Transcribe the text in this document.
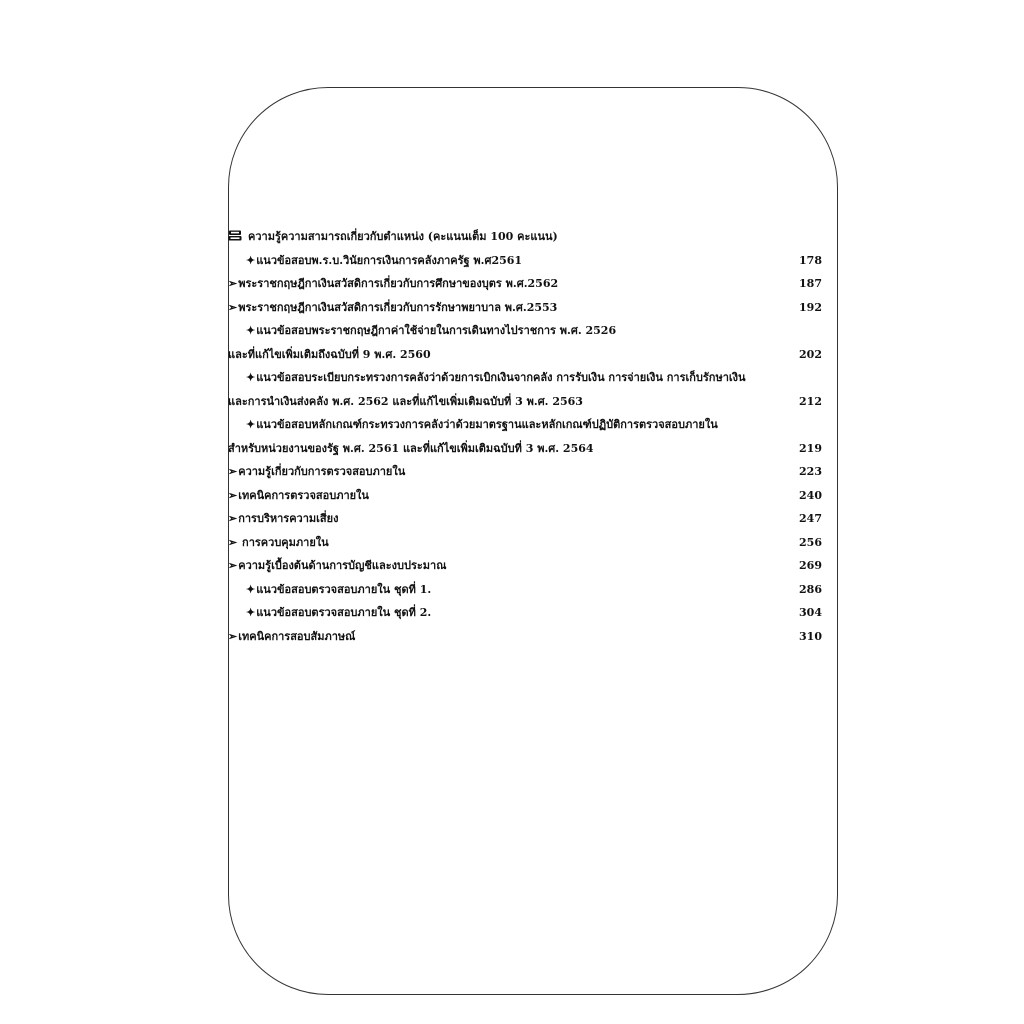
ความรู้ความสามารถเกี่ยวกับตำแหน่ง (คะแนนเต็ม 100 คะแนน)
✦แนวข้อสอบพ.ร.บ.วินัยการเงินการคลังภาครัฐ พ.ศ2561	178
➢พระราชกฤษฎีกาเงินสวัสดิการเกี่ยวกับการศึกษาของบุตร พ.ศ.2562	187
➢พระราชกฤษฎีกาเงินสวัสดิการเกี่ยวกับการรักษาพยาบาล พ.ศ.2553	192
✦แนวข้อสอบพระราชกฤษฎีกาค่าใช้จ่ายในการเดินทางไปราชการ พ.ศ. 2526
และที่แก้ไขเพิ่มเติมถึงฉบับที่ 9 พ.ศ. 2560	202
✦แนวข้อสอบระเบียบกระทรวงการคลังว่าด้วยการเบิกเงินจากคลัง การรับเงิน การจ่ายเงิน การเก็บรักษาเงิน
และการนำเงินส่งคลัง พ.ศ. 2562 และที่แก้ไขเพิ่มเติมฉบับที่ 3 พ.ศ. 2563	212
✦แนวข้อสอบหลักเกณฑ์กระทรวงการคลังว่าด้วยมาตรฐานและหลักเกณฑ์ปฏิบัติการตรวจสอบภายใน
สำหรับหน่วยงานของรัฐ พ.ศ. 2561 และที่แก้ไขเพิ่มเติมฉบับที่ 3 พ.ศ. 2564	219
➢ความรู้เกี่ยวกับการตรวจสอบภายใน	223
➢เทคนิคการตรวจสอบภายใน	240
➢การบริหารความเสี่ยง	247
➢ การควบคุมภายใน	256
➢ความรู้เบื้องต้นด้านการบัญชีและงบประมาณ	269
✦แนวข้อสอบตรวจสอบภายใน ชุดที่ 1.	286
✦แนวข้อสอบตรวจสอบภายใน ชุดที่ 2.	304
➢เทคนิคการสอบสัมภาษณ์	310
